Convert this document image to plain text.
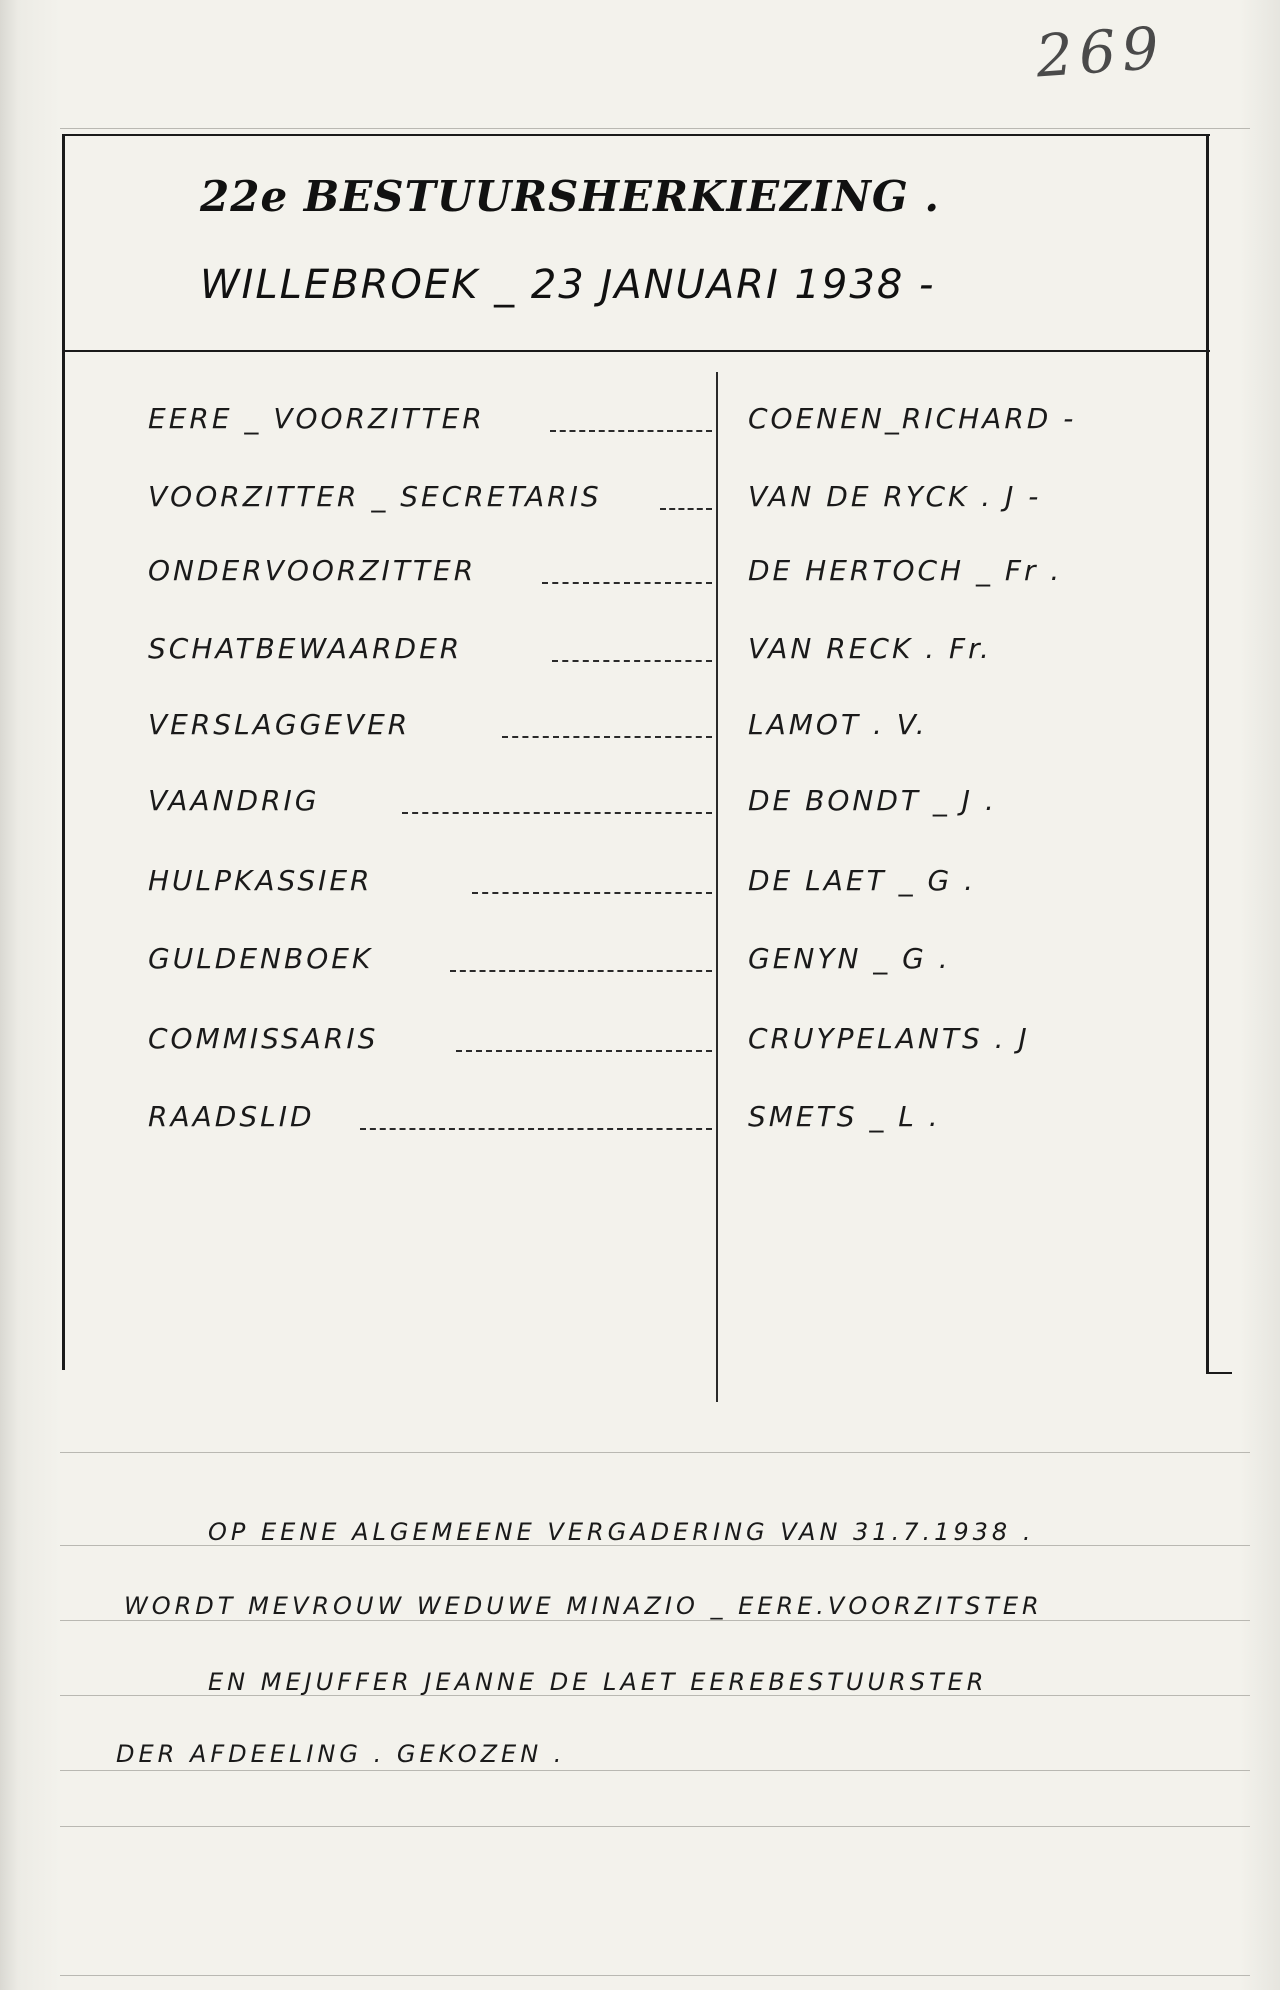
269
22e BESTUURSHERKIEZING .
WILLEBROEK _ 23 JANUARI 1938 -
EERE _ VOORZITTER	COENEN_RICHARD -
VOORZITTER _ SECRETARIS	VAN DE RYCK . J -
ONDERVOORZITTER	DE HERTOCH _ Fr .
SCHATBEWAARDER	VAN RECK . Fr.
VERSLAGGEVER	LAMOT . V.
VAANDRIG	DE BONDT _ J .
HULPKASSIER	DE LAET _ G .
GULDENBOEK	GENYN _ G .
COMMISSARIS	CRUYPELANTS . J
RAADSLID	SMETS _ L .
OP EENE ALGEMEENE VERGADERING VAN 31.7.1938 .
WORDT MEVROUW WEDUWE MINAZIO _ EERE.VOORZITSTER
EN MEJUFFER JEANNE DE LAET EEREBESTUURSTER
DER AFDEELING . GEKOZEN .
